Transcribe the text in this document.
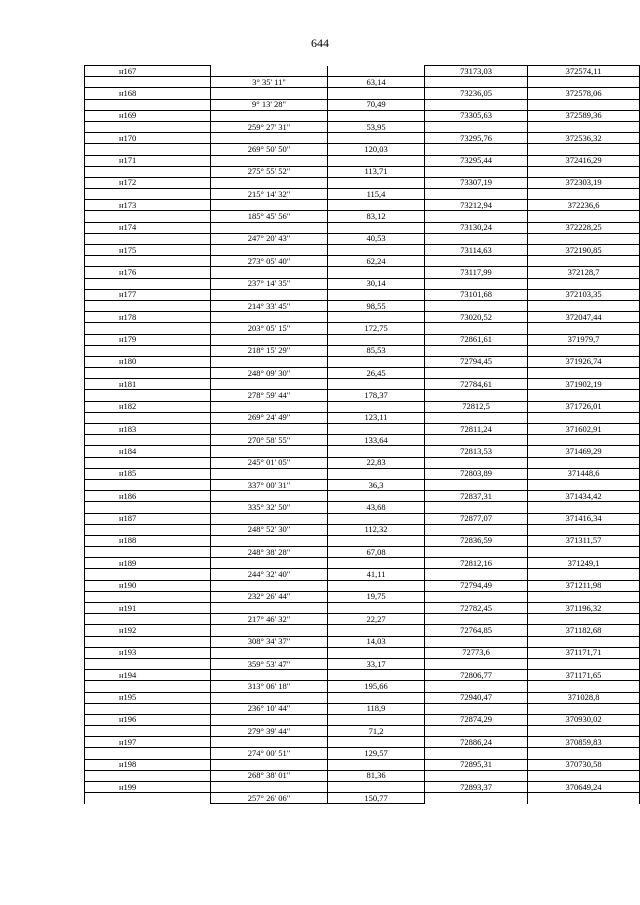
644
н167			73173,03	372574,11
	3° 35' 11"	63,14		
н168			73236,05	372578,06
	9° 13' 28"	70,49		
н169			73305,63	372589,36
	259° 27' 31"	53,95		
н170			73295,76	372536,32
	269° 50' 50"	120,03		
н171			73295,44	372416,29
	275° 55' 52"	113,71		
н172			73307,19	372303,19
	215° 14' 32"	115,4		
н173			73212,94	372236,6
	185° 45' 56"	83,12		
н174			73130,24	372228,25
	247° 20' 43"	40,53		
н175			73114,63	372190,85
	273° 05' 40"	62,24		
н176			73117,99	372128,7
	237° 14' 35"	30,14		
н177			73101,68	372103,35
	214° 33' 45"	98,55		
н178			73020,52	372047,44
	203° 05' 15"	172,75		
н179			72861,61	371979,7
	218° 15' 29"	85,53		
н180			72794,45	371926,74
	248° 09' 30"	26,45		
н181			72784,61	371902,19
	278° 59' 44"	178,37		
н182			72812,5	371726,01
	269° 24' 49"	123,11		
н183			72811,24	371602,91
	270° 58' 55"	133,64		
н184			72813,53	371469,29
	245° 01' 05"	22,83		
н185			72803,89	371448,6
	337° 00' 31"	36,3		
н186			72837,31	371434,42
	335° 32' 50"	43,68		
н187			72877,07	371416,34
	248° 52' 30"	112,32		
н188			72836,59	371311,57
	248° 38' 28"	67,08		
н189			72812,16	371249,1
	244° 32' 40"	41,11		
н190			72794,49	371211,98
	232° 26' 44"	19,75		
н191			72782,45	371196,32
	217° 46' 32"	22,27		
н192			72764,85	371182,68
	308° 34' 37"	14,03		
н193			72773,6	371171,71
	359° 53' 47"	33,17		
н194			72806,77	371171,65
	313° 06' 18"	195,66		
н195			72940,47	371028,8
	236° 10' 44"	118,9		
н196			72874,29	370930,02
	279° 39' 44"	71,2		
н197			72886,24	370859,83
	274° 00' 51"	129,57		
н198			72895,31	370730,58
	268° 38' 01"	81,36		
н199			72893,37	370649,24
	257° 26' 06"	150,77		
